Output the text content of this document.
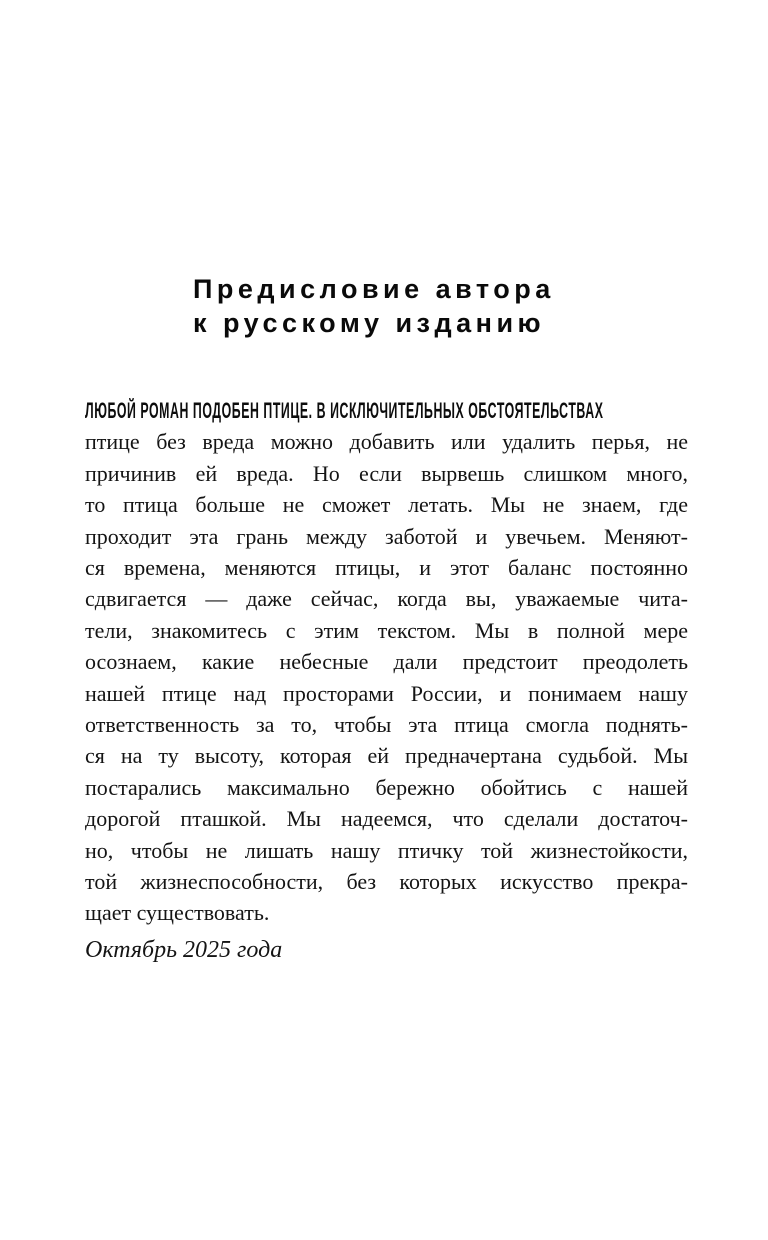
Предисловие автора
к русскому изданию
ЛЮБОЙ РОМАН ПОДОБЕН ПТИЦЕ. В ИСКЛЮЧИТЕЛЬНЫХ ОБСТОЯТЕЛЬСТВАХ
птице без вреда можно добавить или удалить перья, не
причинив ей вреда. Но если вырвешь слишком много,
то птица больше не сможет летать. Мы не знаем, где
проходит эта грань между заботой и увечьем. Меняют-
ся времена, меняются птицы, и этот баланс постоянно
сдвигается — даже сейчас, когда вы, уважаемые чита-
тели, знакомитесь с этим текстом. Мы в полной мере
осознаем, какие небесные дали предстоит преодолеть
нашей птице над просторами России, и понимаем нашу
ответственность за то, чтобы эта птица смогла поднять-
ся на ту высоту, которая ей предначертана судьбой. Мы
постарались максимально бережно обойтись с нашей
дорогой пташкой. Мы надеемся, что сделали достаточ-
но, чтобы не лишать нашу птичку той жизнестойкости,
той жизнеспособности, без которых искусство прекра-
щает существовать.
Октябрь 2025 года
